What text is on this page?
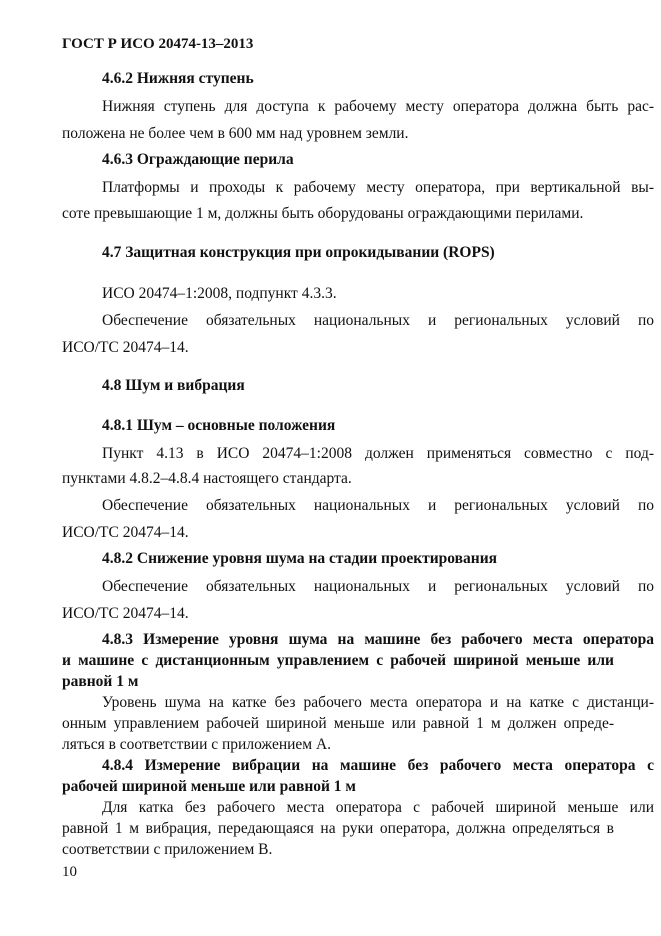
ГОСТ Р ИСО 20474-13–2013
4.6.2 Нижняя ступень
Нижняя ступень для доступа к рабочему месту оператора должна быть рас-
положена не более чем в 600 мм над уровнем земли.
4.6.3 Ограждающие перила
Платформы и проходы к рабочему месту оператора, при вертикальной вы-
соте превышающие 1 м, должны быть оборудованы ограждающими перилами.
4.7 Защитная конструкция при опрокидывании (ROPS)
ИСО 20474–1:2008, подпункт 4.3.3.
Обеспечение обязательных национальных и региональных условий по
ИСО/ТС 20474–14.
4.8 Шум и вибрация
4.8.1 Шум – основные положения
Пункт 4.13 в ИСО 20474–1:2008 должен применяться совместно с под-
пунктами 4.8.2–4.8.4 настоящего стандарта.
Обеспечение обязательных национальных и региональных условий по
ИСО/ТС 20474–14.
4.8.2 Снижение уровня шума на стадии проектирования
Обеспечение обязательных национальных и региональных условий по
ИСО/ТС 20474–14.
4.8.3 Измерение уровня шума на машине без рабочего места оператора
и машине с дистанционным управлением с рабочей шириной меньше или
равной 1 м
Уровень шума на катке без рабочего места оператора и на катке с дистанци-
онным управлением рабочей шириной меньше или равной 1 м должен опреде-
ляться в соответствии с приложением А.
4.8.4 Измерение вибрации на машине без рабочего места оператора с
рабочей шириной меньше или равной 1 м
Для катка без рабочего места оператора с рабочей шириной меньше или
равной 1 м вибрация, передающаяся на руки оператора, должна определяться в
соответствии с приложением В.
10
